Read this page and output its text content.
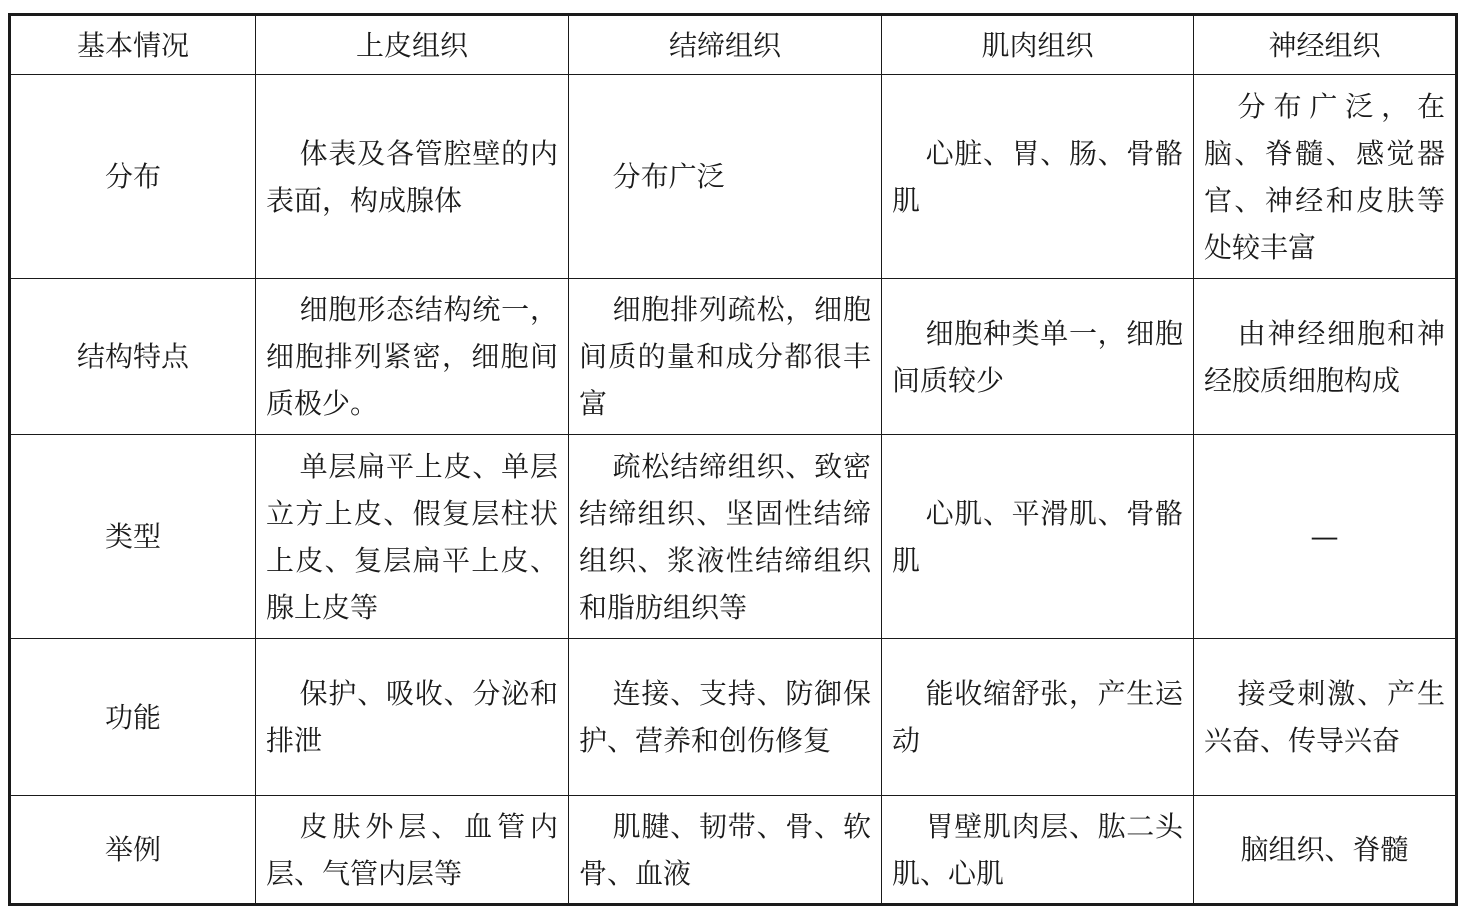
基本情况	上皮组织	结缔组织	肌肉组织	神经组织
分布	体表及各管腔壁的内表面，构成腺体	分布广泛	心脏、胃、肠、骨骼肌	分布广泛，在脑、脊髓、感觉器官、神经和皮肤等处较丰富
结构特点	细胞形态结构统一，细胞排列紧密，细胞间质极少。	细胞排列疏松，细胞间质的量和成分都很丰富	细胞种类单一，细胞间质较少	由神经细胞和神经胶质细胞构成
类型	单层扁平上皮、单层立方上皮、假复层柱状上皮、复层扁平上皮、腺上皮等	疏松结缔组织、致密结缔组织、坚固性结缔组织、浆液性结缔组织和脂肪组织等	心肌、平滑肌、骨骼肌	—
功能	保护、吸收、分泌和排泄	连接、支持、防御保护、营养和创伤修复	能收缩舒张，产生运动	接受刺激、产生兴奋、传导兴奋
举例	皮肤外层、血管内层、气管内层等	肌腱、韧带、骨、软骨、血液	胃壁肌肉层、肱二头肌、心肌	脑组织、脊髓
